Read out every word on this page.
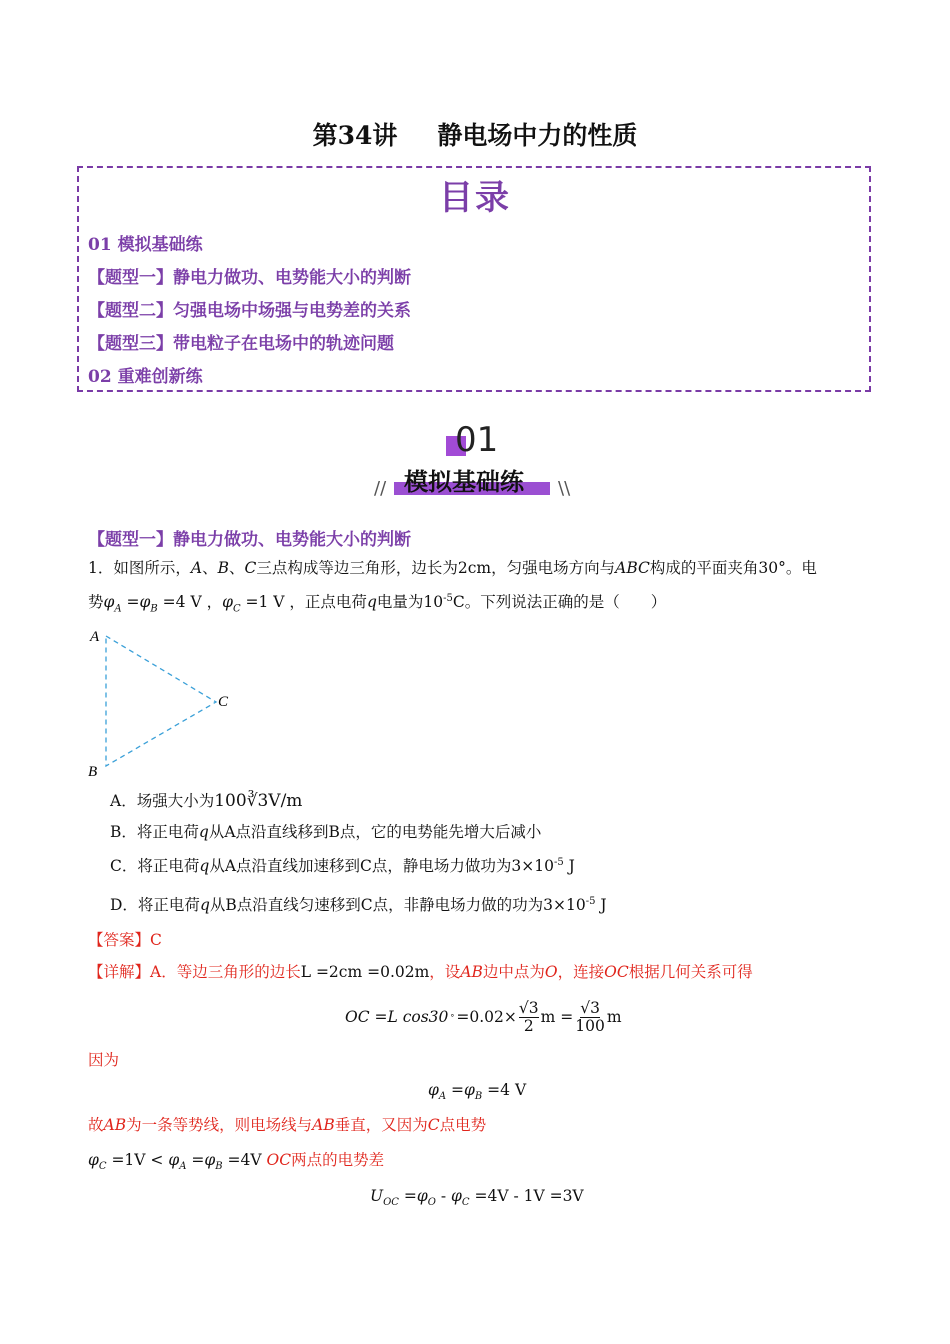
第34讲 静电场中力的性质
目录
01 模拟基础练
【题型一】静电力做功、电势能大小的判断
【题型二】匀强电场中场强与电势差的关系
【题型三】带电粒子在电场中的轨迹问题
02 重难创新练
01
模拟基础练
//	\\
【题型一】静电力做功、电势能大小的判断
1．如图所示，A、B、C三点构成等边三角形，边长为2cm，匀强电场方向与ABC构成的平面夹角30°。电
势$\varphi_A =\varphi_B =4$ V ，$\varphi_C =1$ V ，正点电荷q电量为$10^{-5}C$。下列说法正确的是（　　）
A
C
B
A．场强大小为100∛3V/m
B．将正电荷q从A点沿直线移到B点，它的电势能先增大后减小
C．将正电荷q从A点沿直线加速移到C点，静电场力做功为$3\times 10^{-5}$ J
D．将正电荷q从B点沿直线匀速移到C点，非静电场力做的功为$3\times 10^{-5}$ J
【答案】C
【详解】A．等边三角形的边长L =2cm =0.02m，设AB边中点为O，连接OC根据几何关系可得
OC =L cos30 ° $=0.02\times \frac{√3}{2}$ $m = \frac{√3}{100}$ m
因为
$\varphi_A =\varphi_B =4$ V
故AB为一条等势线，则电场线与AB垂直，又因为C点电势
$\varphi_C =1V < \varphi_A =\varphi_B =4V$ OC两点的电势差
$U_{OC} =\varphi_O - \varphi_C =4V - 1V =3V$
